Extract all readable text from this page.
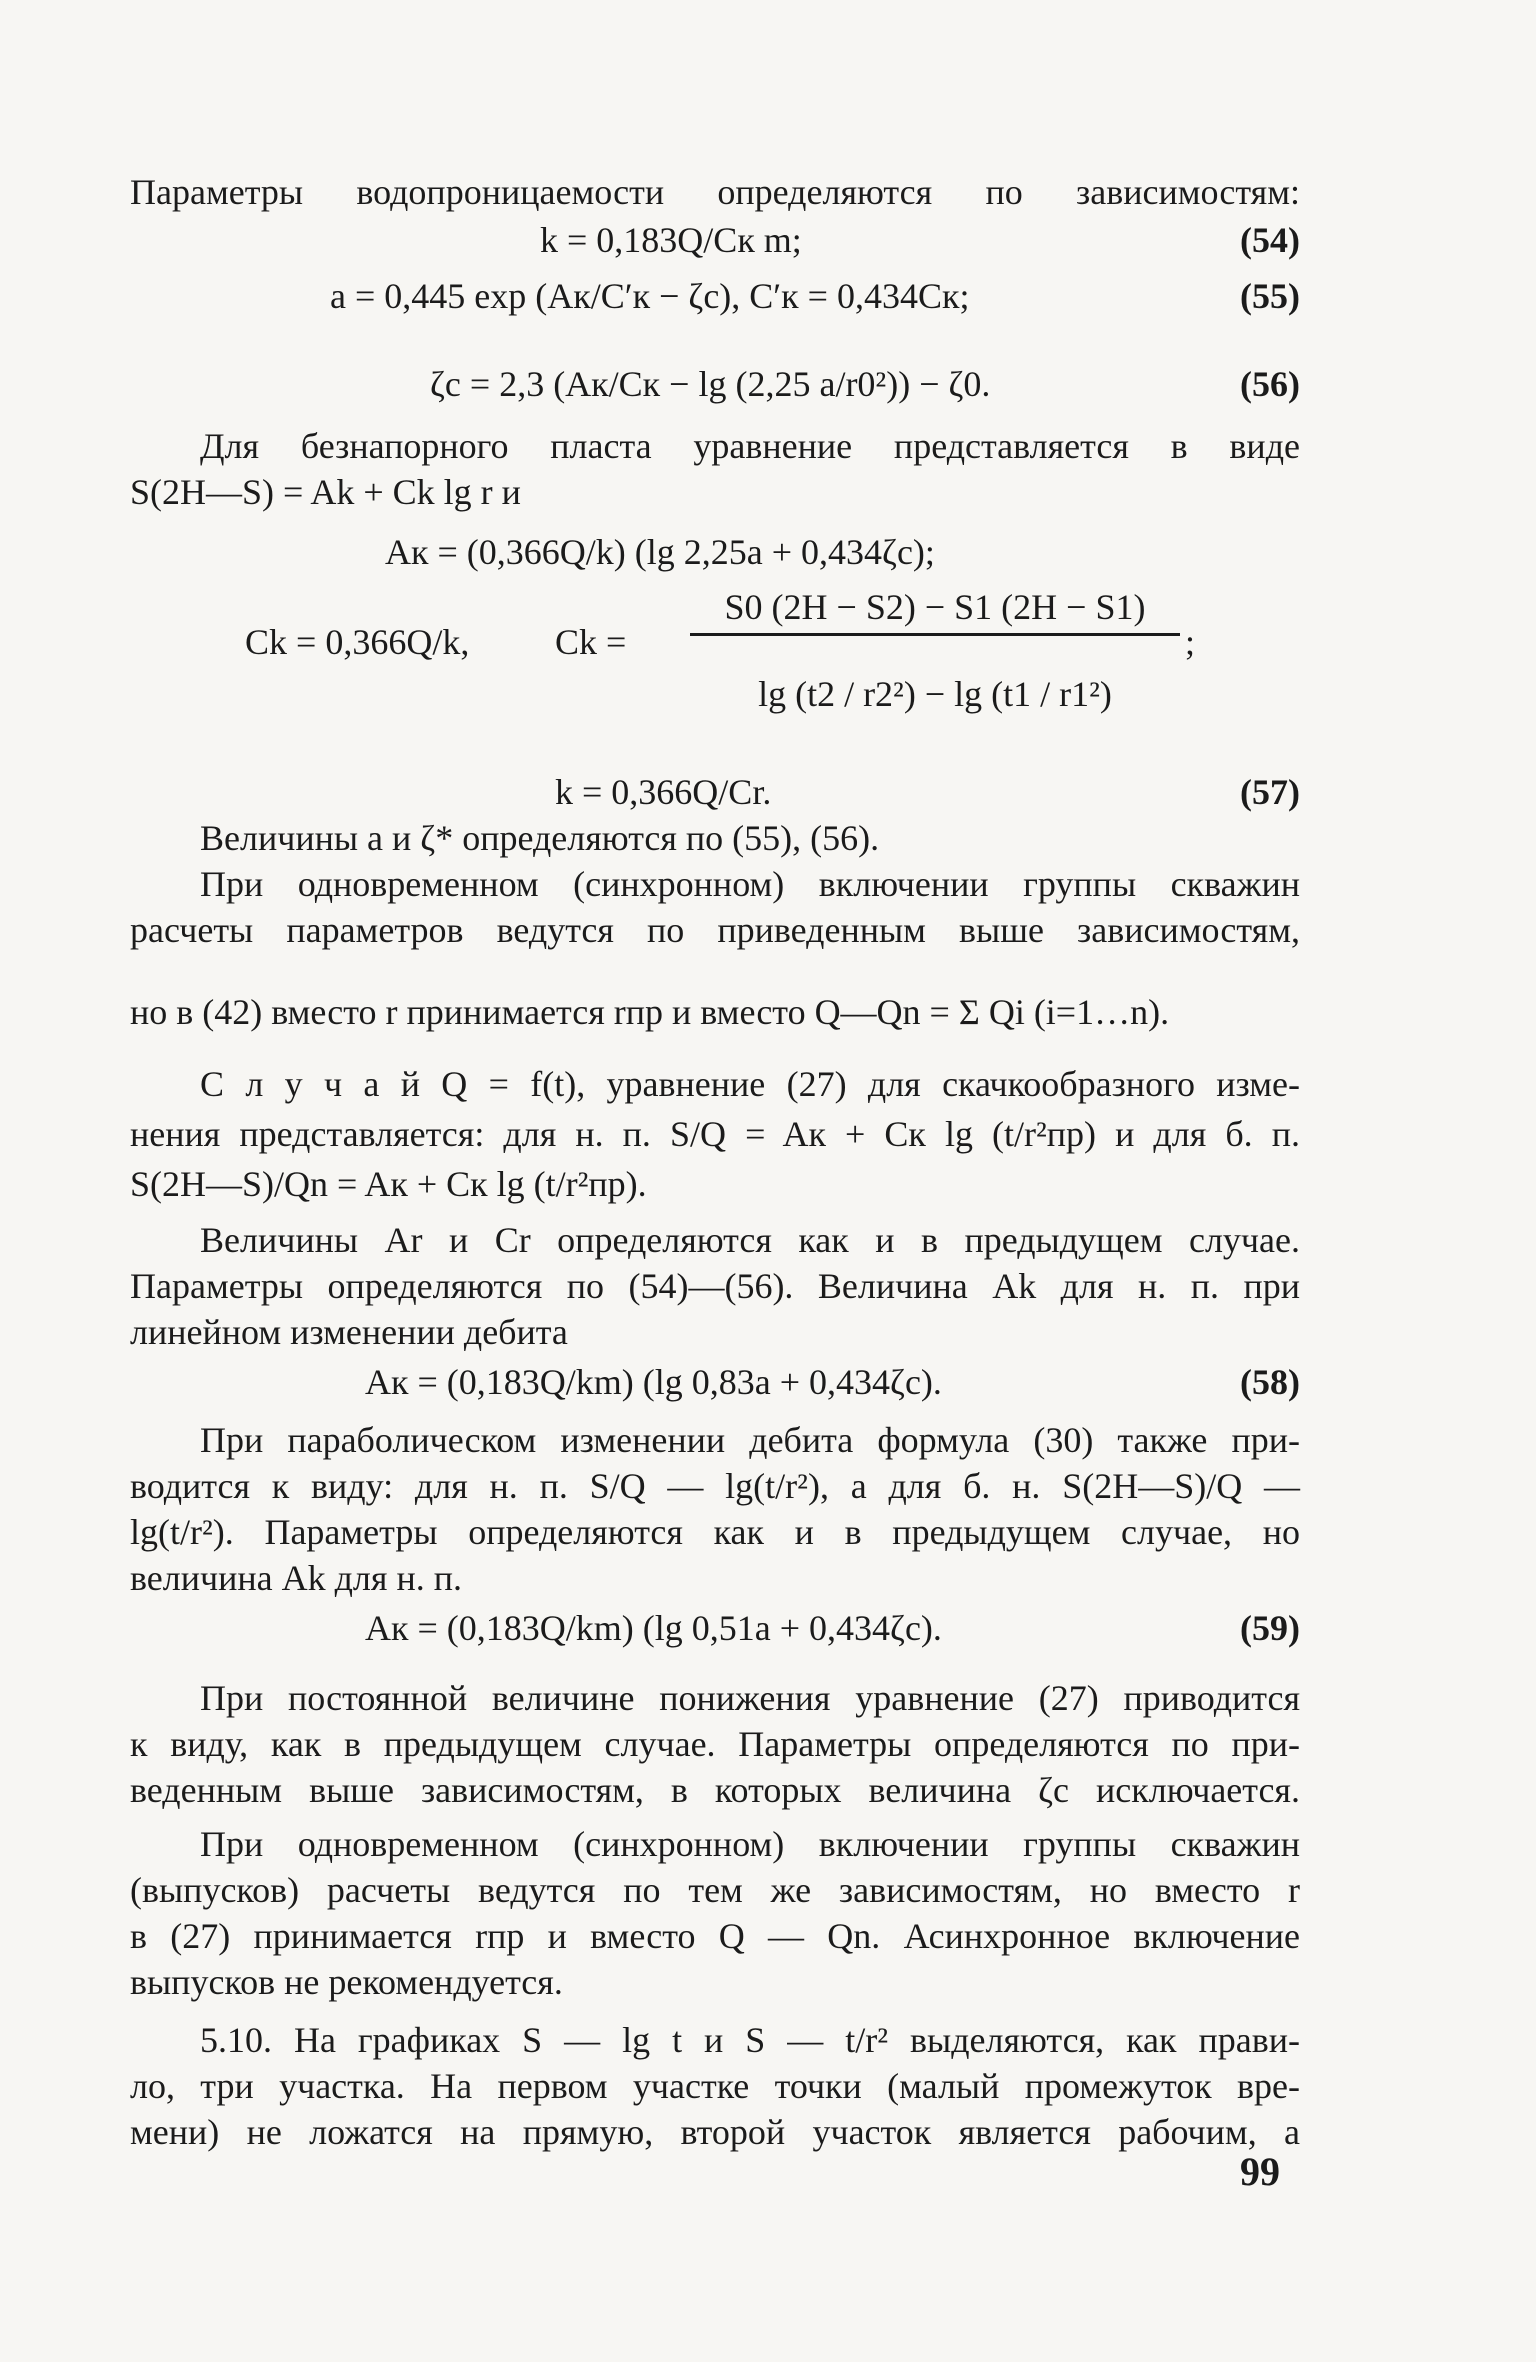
Параметры водопроницаемости определяются по зависимостям:
k = 0,183Q/Cк m;	(54)
a = 0,445 exp (Aк/C′к − ζс), C′к = 0,434Cк;	(55)
ζс = 2,3 (Aк/Cк − lg (2,25 a/r0²)) − ζ0.	(56)
Для безнапорного пласта уравнение представляется в виде
S(2H—S) = Ak + Ck lg r и
Aк = (0,366Q/k) (lg 2,25a + 0,434ζс);
Ck = 0,366Q/k, Ck =
S0 (2H − S2) − S1 (2H − S1)
lg (t2 / r2²) − lg (t1 / r1²)
;
k = 0,366Q/Cr.	(57)
Величины a и ζ* определяются по (55), (56).
При одновременном (синхронном) включении группы скважин
расчеты параметров ведутся по приведенным выше зависимостям,
но в (42) вместо r принимается rпр и вместо Q—Qn = Σ Qi (i=1…n).
С л у ч а й Q = f(t), уравнение (27) для скачкообразного изме-
нения представляется: для н. п. S/Q = Aк + Cк lg (t/r²пр) и для б. п.
S(2H—S)/Qn = Aк + Cк lg (t/r²пр).
Величины Ar и Cr определяются как и в предыдущем случае.
Параметры определяются по (54)—(56). Величина Ak для н. п. при
линейном изменении дебита
Aк = (0,183Q/km) (lg 0,83a + 0,434ζс).	(58)
При параболическом изменении дебита формула (30) также при-
водится к виду: для н. п. S/Q — lg(t/r²), а для б. н. S(2H—S)/Q —
lg(t/r²). Параметры определяются как и в предыдущем случае, но
величина Ak для н. п.
Aк = (0,183Q/km) (lg 0,51a + 0,434ζс).	(59)
При постоянной величине понижения уравнение (27) приводится
к виду, как в предыдущем случае. Параметры определяются по при-
веденным выше зависимостям, в которых величина ζс исключается.
При одновременном (синхронном) включении группы скважин
(выпусков) расчеты ведутся по тем же зависимостям, но вместо r
в (27) принимается rпр и вместо Q — Qn. Асинхронное включение
выпусков не рекомендуется.
5.10. На графиках S — lg t и S — t/r² выделяются, как прави-
ло, три участка. На первом участке точки (малый промежуток вре-
мени) не ложатся на прямую, второй участок является рабочим, а
99
